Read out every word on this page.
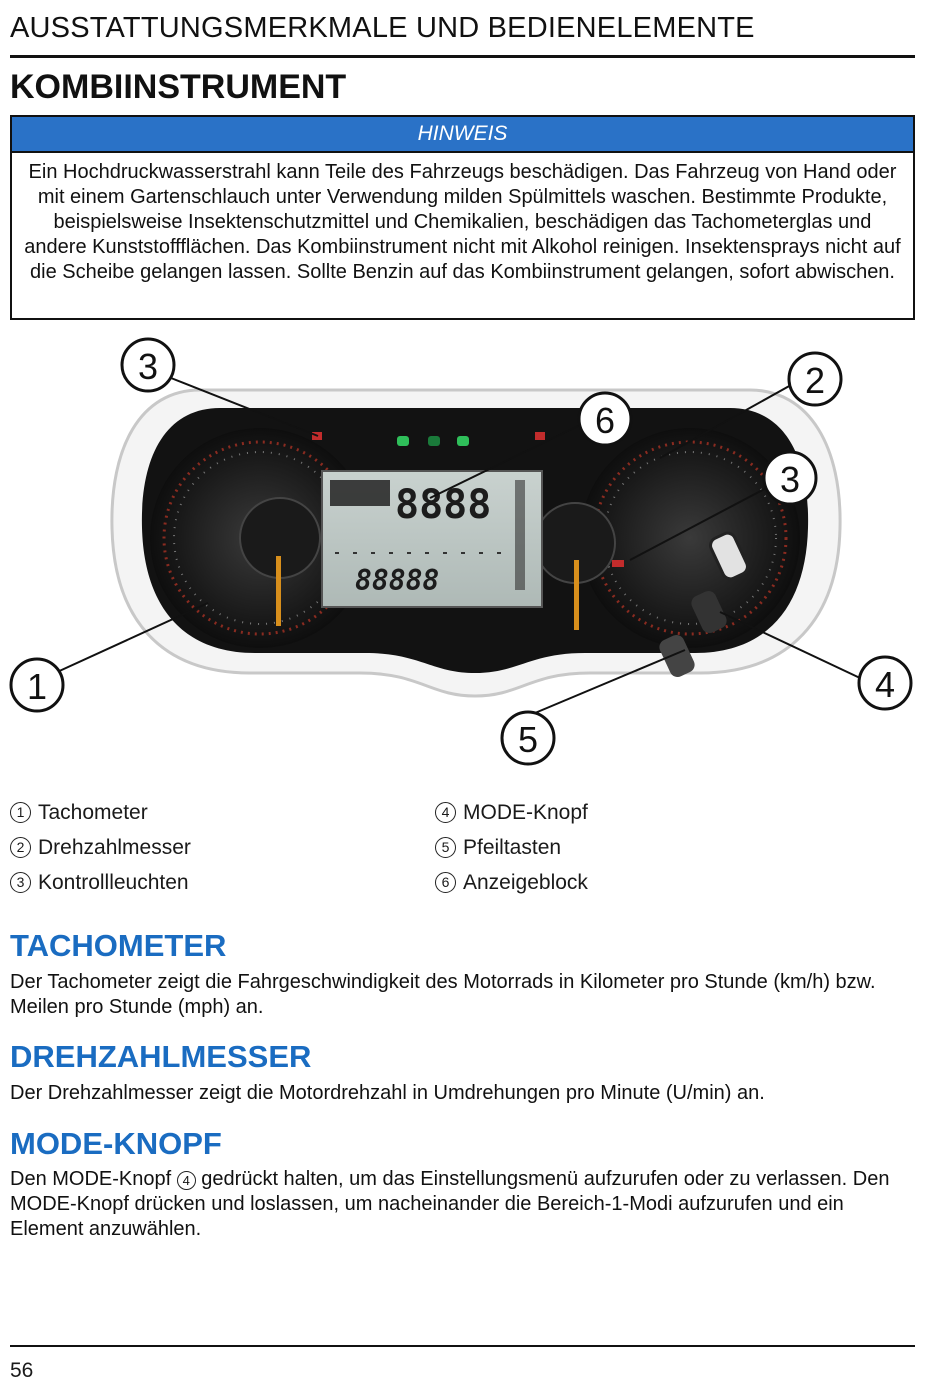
AUSSTATTUNGSMERKMALE UND BEDIENELEMENTE
KOMBIINSTRUMENT
HINWEIS
Ein Hochdruckwasserstrahl kann Teile des Fahrzeugs beschädigen. Das Fahrzeug von Hand oder mit einem Gartenschlauch unter Verwendung milden Spülmittels waschen. Bestimmte Produkte, beispielsweise Insektenschutzmittel und Chemikalien, beschädigen das Tachometerglas und andere Kunststoffflächen. Das Kombiinstrument nicht mit Alkohol reinigen. Insektensprays nicht auf die Scheibe gelangen lassen. Sollte Benzin auf das Kombiinstrument gelangen, sofort abwischen.
8888
88888
3	2
6
3
1	4
5
1 Tachometer
2 Drehzahlmesser
3 Kontrollleuchten
4 MODE-Knopf
5 Pfeiltasten
6 Anzeigeblock
TACHOMETER
Der Tachometer zeigt die Fahrgeschwindigkeit des Motorrads in Kilometer pro Stunde (km/h) bzw. Meilen pro Stunde (mph) an.
DREHZAHLMESSER
Der Drehzahlmesser zeigt die Motordrehzahl in Umdrehungen pro Minute (U/min) an.
MODE-KNOPF
Den MODE-Knopf 4 gedrückt halten, um das Einstellungsmenü aufzurufen oder zu verlassen. Den MODE-Knopf drücken und loslassen, um nacheinander die Bereich-1-Modi aufzurufen und ein Element anzuwählen.
56
